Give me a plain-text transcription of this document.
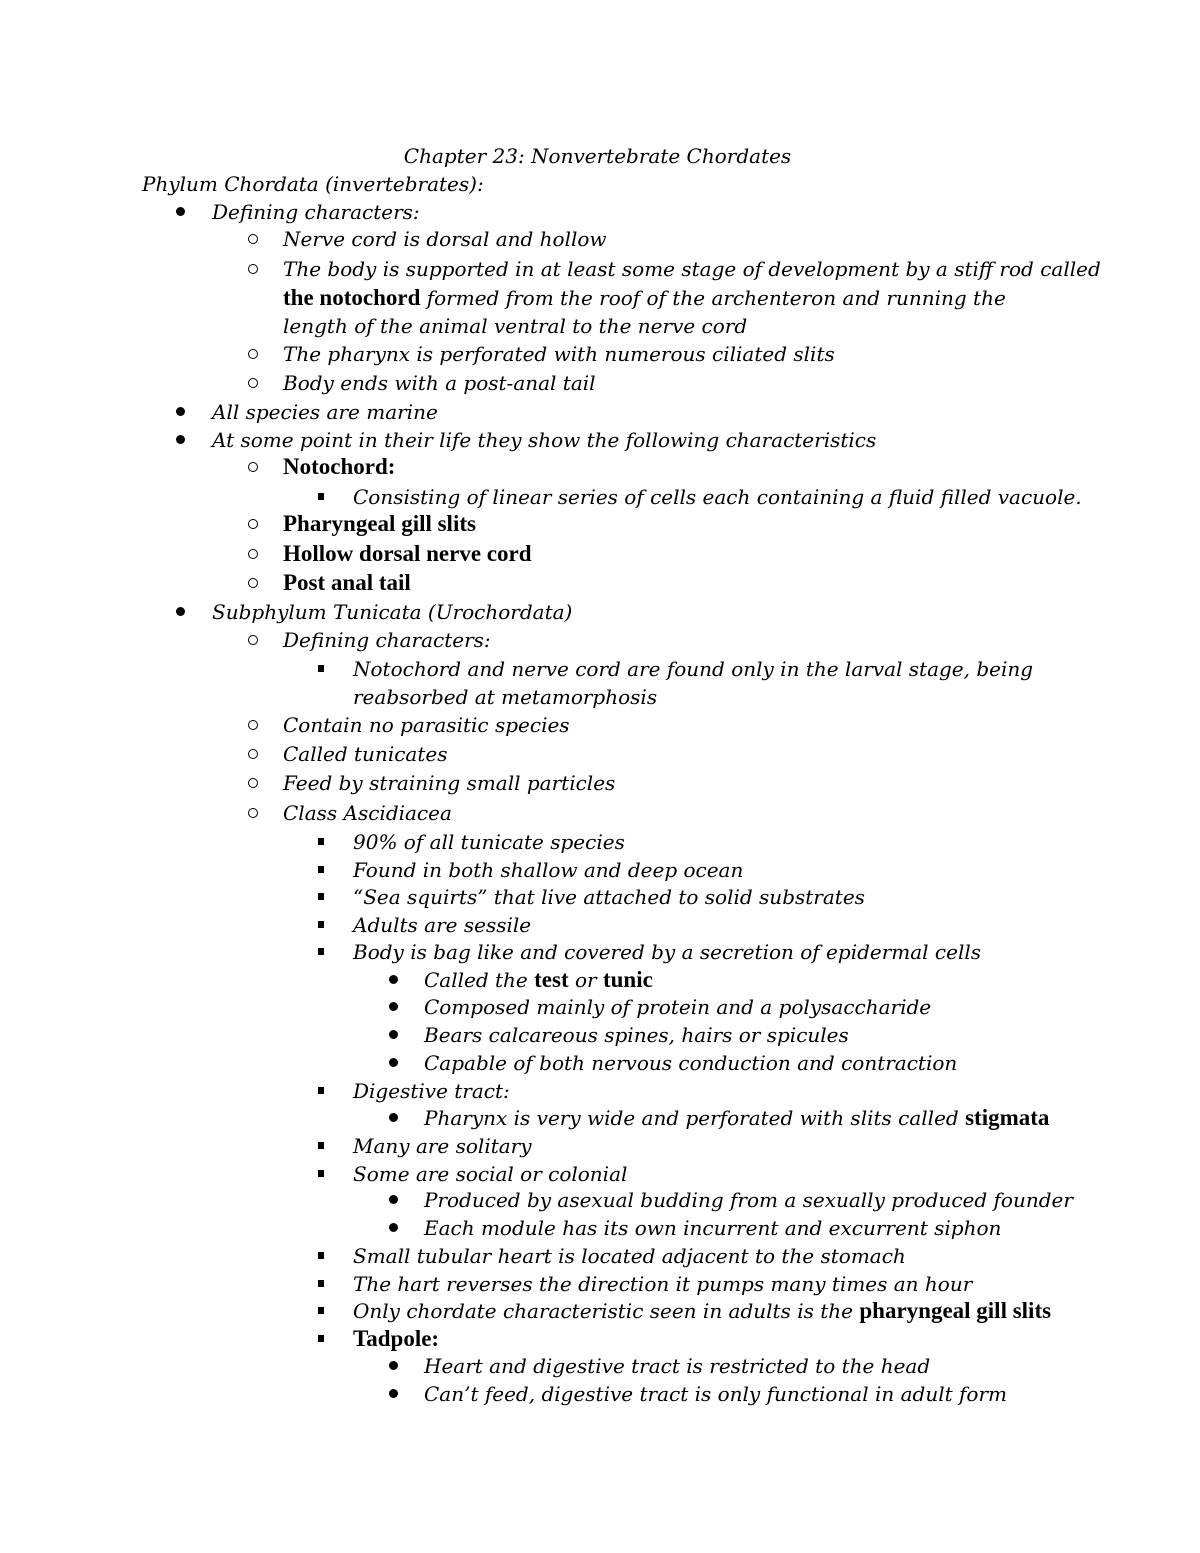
Chapter 23: Nonvertebrate Chordates
Phylum Chordata (invertebrates):
Defining characters:
Nerve cord is dorsal and hollow
The body is supported in at least some stage of development by a stiff rod called
the notochord formed from the roof of the archenteron and running the
length of the animal ventral to the nerve cord
The pharynx is perforated with numerous ciliated slits
Body ends with a post-anal tail
All species are marine
At some point in their life they show the following characteristics
Notochord:
Consisting of linear series of cells each containing a fluid filled vacuole.
Pharyngeal gill slits
Hollow dorsal nerve cord
Post anal tail
Subphylum Tunicata (Urochordata)
Defining characters:
Notochord and nerve cord are found only in the larval stage, being
reabsorbed at metamorphosis
Contain no parasitic species
Called tunicates
Feed by straining small particles
Class Ascidiacea
90% of all tunicate species
Found in both shallow and deep ocean
“Sea squirts” that live attached to solid substrates
Adults are sessile
Body is bag like and covered by a secretion of epidermal cells
Called the test or tunic
Composed mainly of protein and a polysaccharide
Bears calcareous spines, hairs or spicules
Capable of both nervous conduction and contraction
Digestive tract:
Pharynx is very wide and perforated with slits called stigmata
Many are solitary
Some are social or colonial
Produced by asexual budding from a sexually produced founder
Each module has its own incurrent and excurrent siphon
Small tubular heart is located adjacent to the stomach
The hart reverses the direction it pumps many times an hour
Only chordate characteristic seen in adults is the pharyngeal gill slits
Tadpole:
Heart and digestive tract is restricted to the head
Can’t feed, digestive tract is only functional in adult form
